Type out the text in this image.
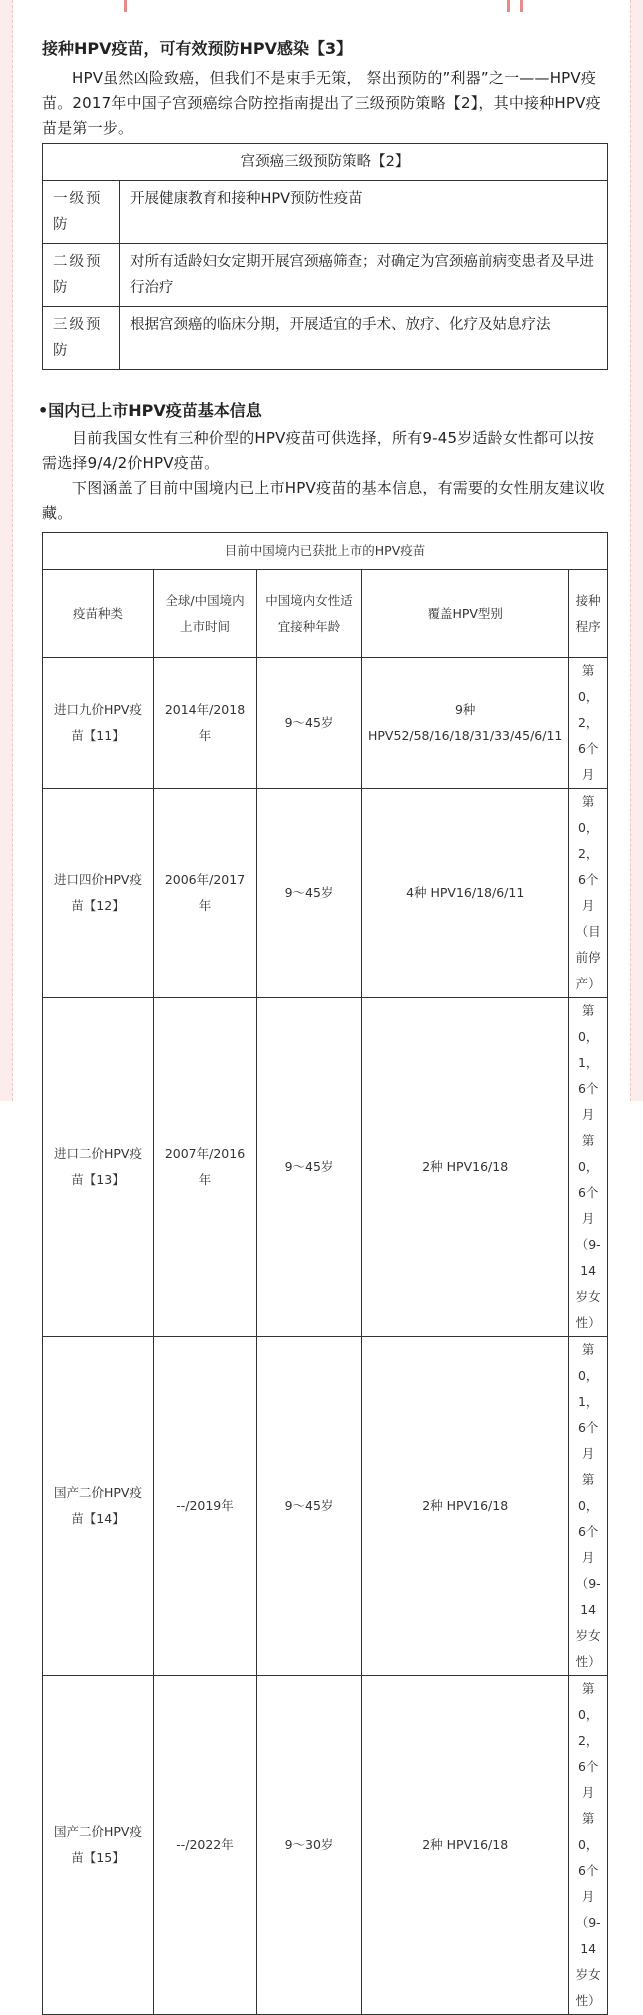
接种HPV疫苗，可有效预防HPV感染【3】

HPV虽然凶险致癌，但我们不是束手无策， 祭出预防的”利器”之一——HPV疫苗。2017年中国子宫颈癌综合防控指南提出了三级预防策略【2】，其中接种HPV疫苗是第一步。

宫颈癌三级预防策略【2】	
一级预防	开展健康教育和接种HPV预防性疫苗
二级预防	对所有适龄妇女定期开展宫颈癌筛查；对确定为宫颈癌前病变患者及早进行治疗
三级预防	根据宫颈癌的临床分期，开展适宜的手术、放疗、化疗及姑息疗法
•国内已上市HPV疫苗基本信息

目前我国女性有三种价型的HPV疫苗可供选择，所有9-45岁适龄女性都可以按需选择9/4/2价HPV疫苗。

下图涵盖了目前中国境内已上市HPV疫苗的基本信息，有需要的女性朋友建议收藏。

目前中国境内已获批上市的HPV疫苗				
疫苗种类	全球/中国境内上市时间	中国境内女性适宜接种年龄	覆盖HPV型别	接种程序
进口九价HPV疫苗【11】	2014年/2018年	9～45岁	9种 HPV52/58/16/18/31/33/45/6/11	第0，2，6个月
进口四价HPV疫苗【12】	2006年/2017年	9～45岁	4种 HPV16/18/6/11	第0，2，6个月（目前停产）
进口二价HPV疫苗【13】	2007年/2016年	9～45岁	2种 HPV16/18	第0，1，6个月 第0，6个月（9-14岁女性）
国产二价HPV疫苗【14】	--/2019年	9～45岁	2种 HPV16/18	第0，1，6个月 第0，6个月（9-14岁女性）
国产二价HPV疫苗【15】	--/2022年	9～30岁	2种 HPV16/18	第0，2，6个月 第0，6个月（9-14岁女性）
